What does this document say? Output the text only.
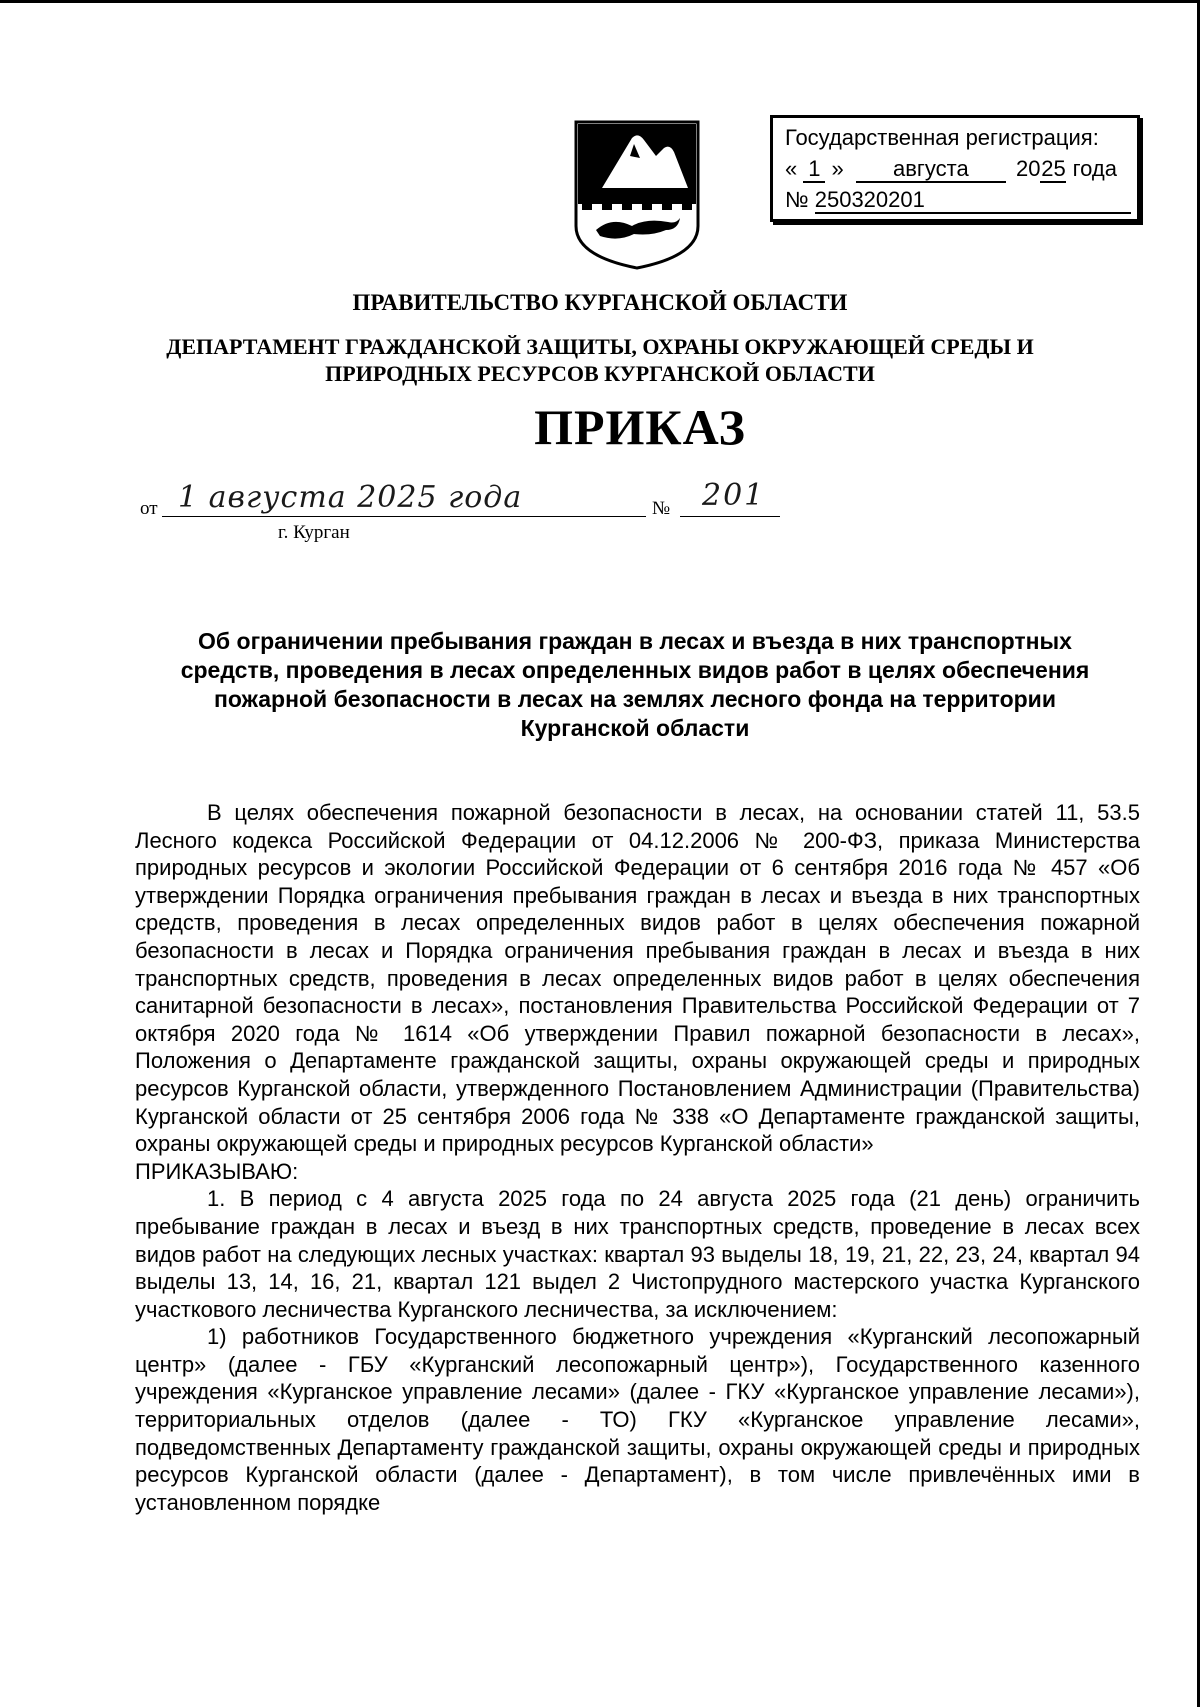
Государственная регистрация:
« 1 » августа 2025 года
№ 250320201
ПРАВИТЕЛЬСТВО КУРГАНСКОЙ ОБЛАСТИ
ДЕПАРТАМЕНТ ГРАЖДАНСКОЙ ЗАЩИТЫ, ОХРАНЫ ОКРУЖАЮЩЕЙ СРЕДЫ И
ПРИРОДНЫХ РЕСУРСОВ КУРГАНСКОЙ ОБЛАСТИ
ПРИКАЗ
от 1 августа 2025 года	№ 201
г. Курган
Об ограничении пребывания граждан в лесах и въезда в них транспортных
средств, проведения в лесах определенных видов работ в целях обеспечения
пожарной безопасности в лесах на землях лесного фонда на территории
Курганской области

В целях обеспечения пожарной безопасности в лесах, на основании статей 11, 53.5 Лесного кодекса Российской Федерации от 04.12.2006 № 200-ФЗ, приказа Министерства природных ресурсов и экологии Российской Федерации от 6 сентября 2016 года № 457 «Об утверждении Порядка ограничения пребывания граждан в лесах и въезда в них транспортных средств, проведения в лесах определенных видов работ в целях обеспечения пожарной безопасности в лесах и Порядка ограничения пребывания граждан в лесах и въезда в них транспортных средств, проведения в лесах определенных видов работ в целях обеспечения санитарной безопасности в лесах», постановления Правительства Российской Федерации от 7 октября 2020 года № 1614 «Об утверждении Правил пожарной безопасности в лесах», Положения о Департаменте гражданской защиты, охраны окружающей среды и природных ресурсов Курганской области, утвержденного Постановлением Администрации (Правительства) Курганской области от 25 сентября 2006 года № 338 «О Департаменте гражданской защиты, охраны окружающей среды и природных ресурсов Курганской области»

ПРИКАЗЫВАЮ:

1. В период с 4 августа 2025 года по 24 августа 2025 года (21 день) ограничить пребывание граждан в лесах и въезд в них транспортных средств, проведение в лесах всех видов работ на следующих лесных участках: квартал 93 выделы 18, 19, 21, 22, 23, 24, квартал 94 выделы 13, 14, 16, 21, квартал 121 выдел 2 Чистопрудного мастерского участка Курганского участкового лесничества Курганского лесничества, за исключением:

1) работников Государственного бюджетного учреждения «Курганский лесопожарный центр» (далее - ГБУ «Курганский лесопожарный центр»), Государственного казенного учреждения «Курганское управление лесами» (далее - ГКУ «Курганское управление лесами»), территориальных отделов (далее - ТО) ГКУ «Курганское управление лесами», подведомственных Департаменту гражданской защиты, охраны окружающей среды и природных ресурсов Курганской области (далее - Департамент), в том числе привлечённых ими в установленном порядке
